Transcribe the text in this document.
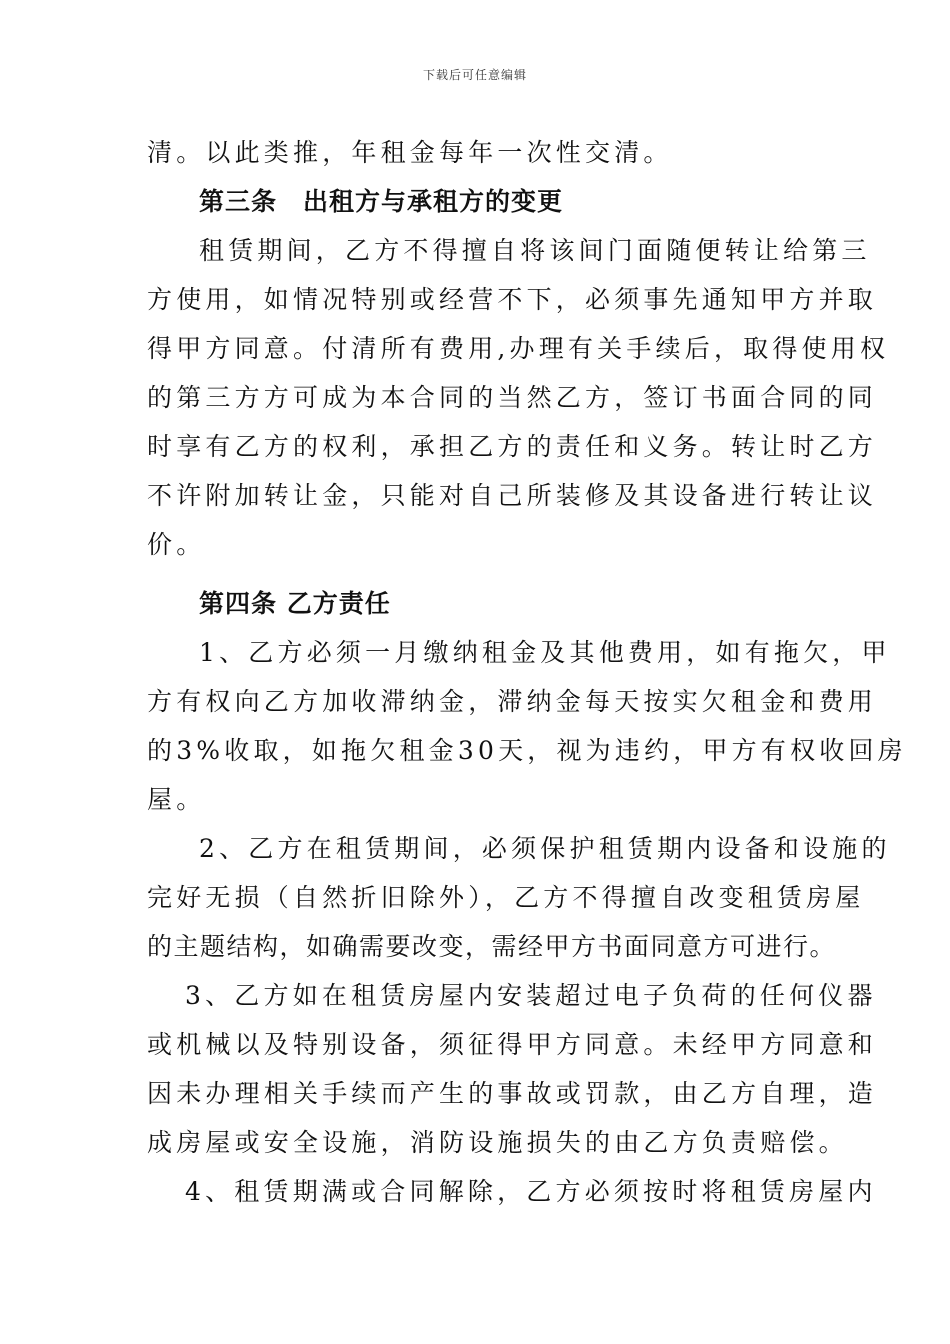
下载后可任意编辑
清。以此类推，年租金每年一次性交清。
第三条 出租方与承租方的变更
租赁期间，乙方不得擅自将该间门面随便转让给第三
方使用，如情况特别或经营不下，必须事先通知甲方并取
得甲方同意。付清所有费用,办理有关手续后，取得使用权
的第三方方可成为本合同的当然乙方，签订书面合同的同
时享有乙方的权利，承担乙方的责任和义务。转让时乙方
不许附加转让金，只能对自己所装修及其设备进行转让议
价。
第四条 乙方责任
1、乙方必须一月缴纳租金及其他费用，如有拖欠，甲
方有权向乙方加收滞纳金，滞纳金每天按实欠租金和费用
的3%收取，如拖欠租金30天，视为违约，甲方有权收回房
屋。
2、乙方在租赁期间，必须保护租赁期内设备和设施的
完好无损（自然折旧除外），乙方不得擅自改变租赁房屋
的主题结构，如确需要改变，需经甲方书面同意方可进行。
3、乙方如在租赁房屋内安装超过电子负荷的任何仪器
或机械以及特别设备，须征得甲方同意。未经甲方同意和
因未办理相关手续而产生的事故或罚款，由乙方自理，造
成房屋或安全设施，消防设施损失的由乙方负责赔偿。
4、租赁期满或合同解除，乙方必须按时将租赁房屋内
